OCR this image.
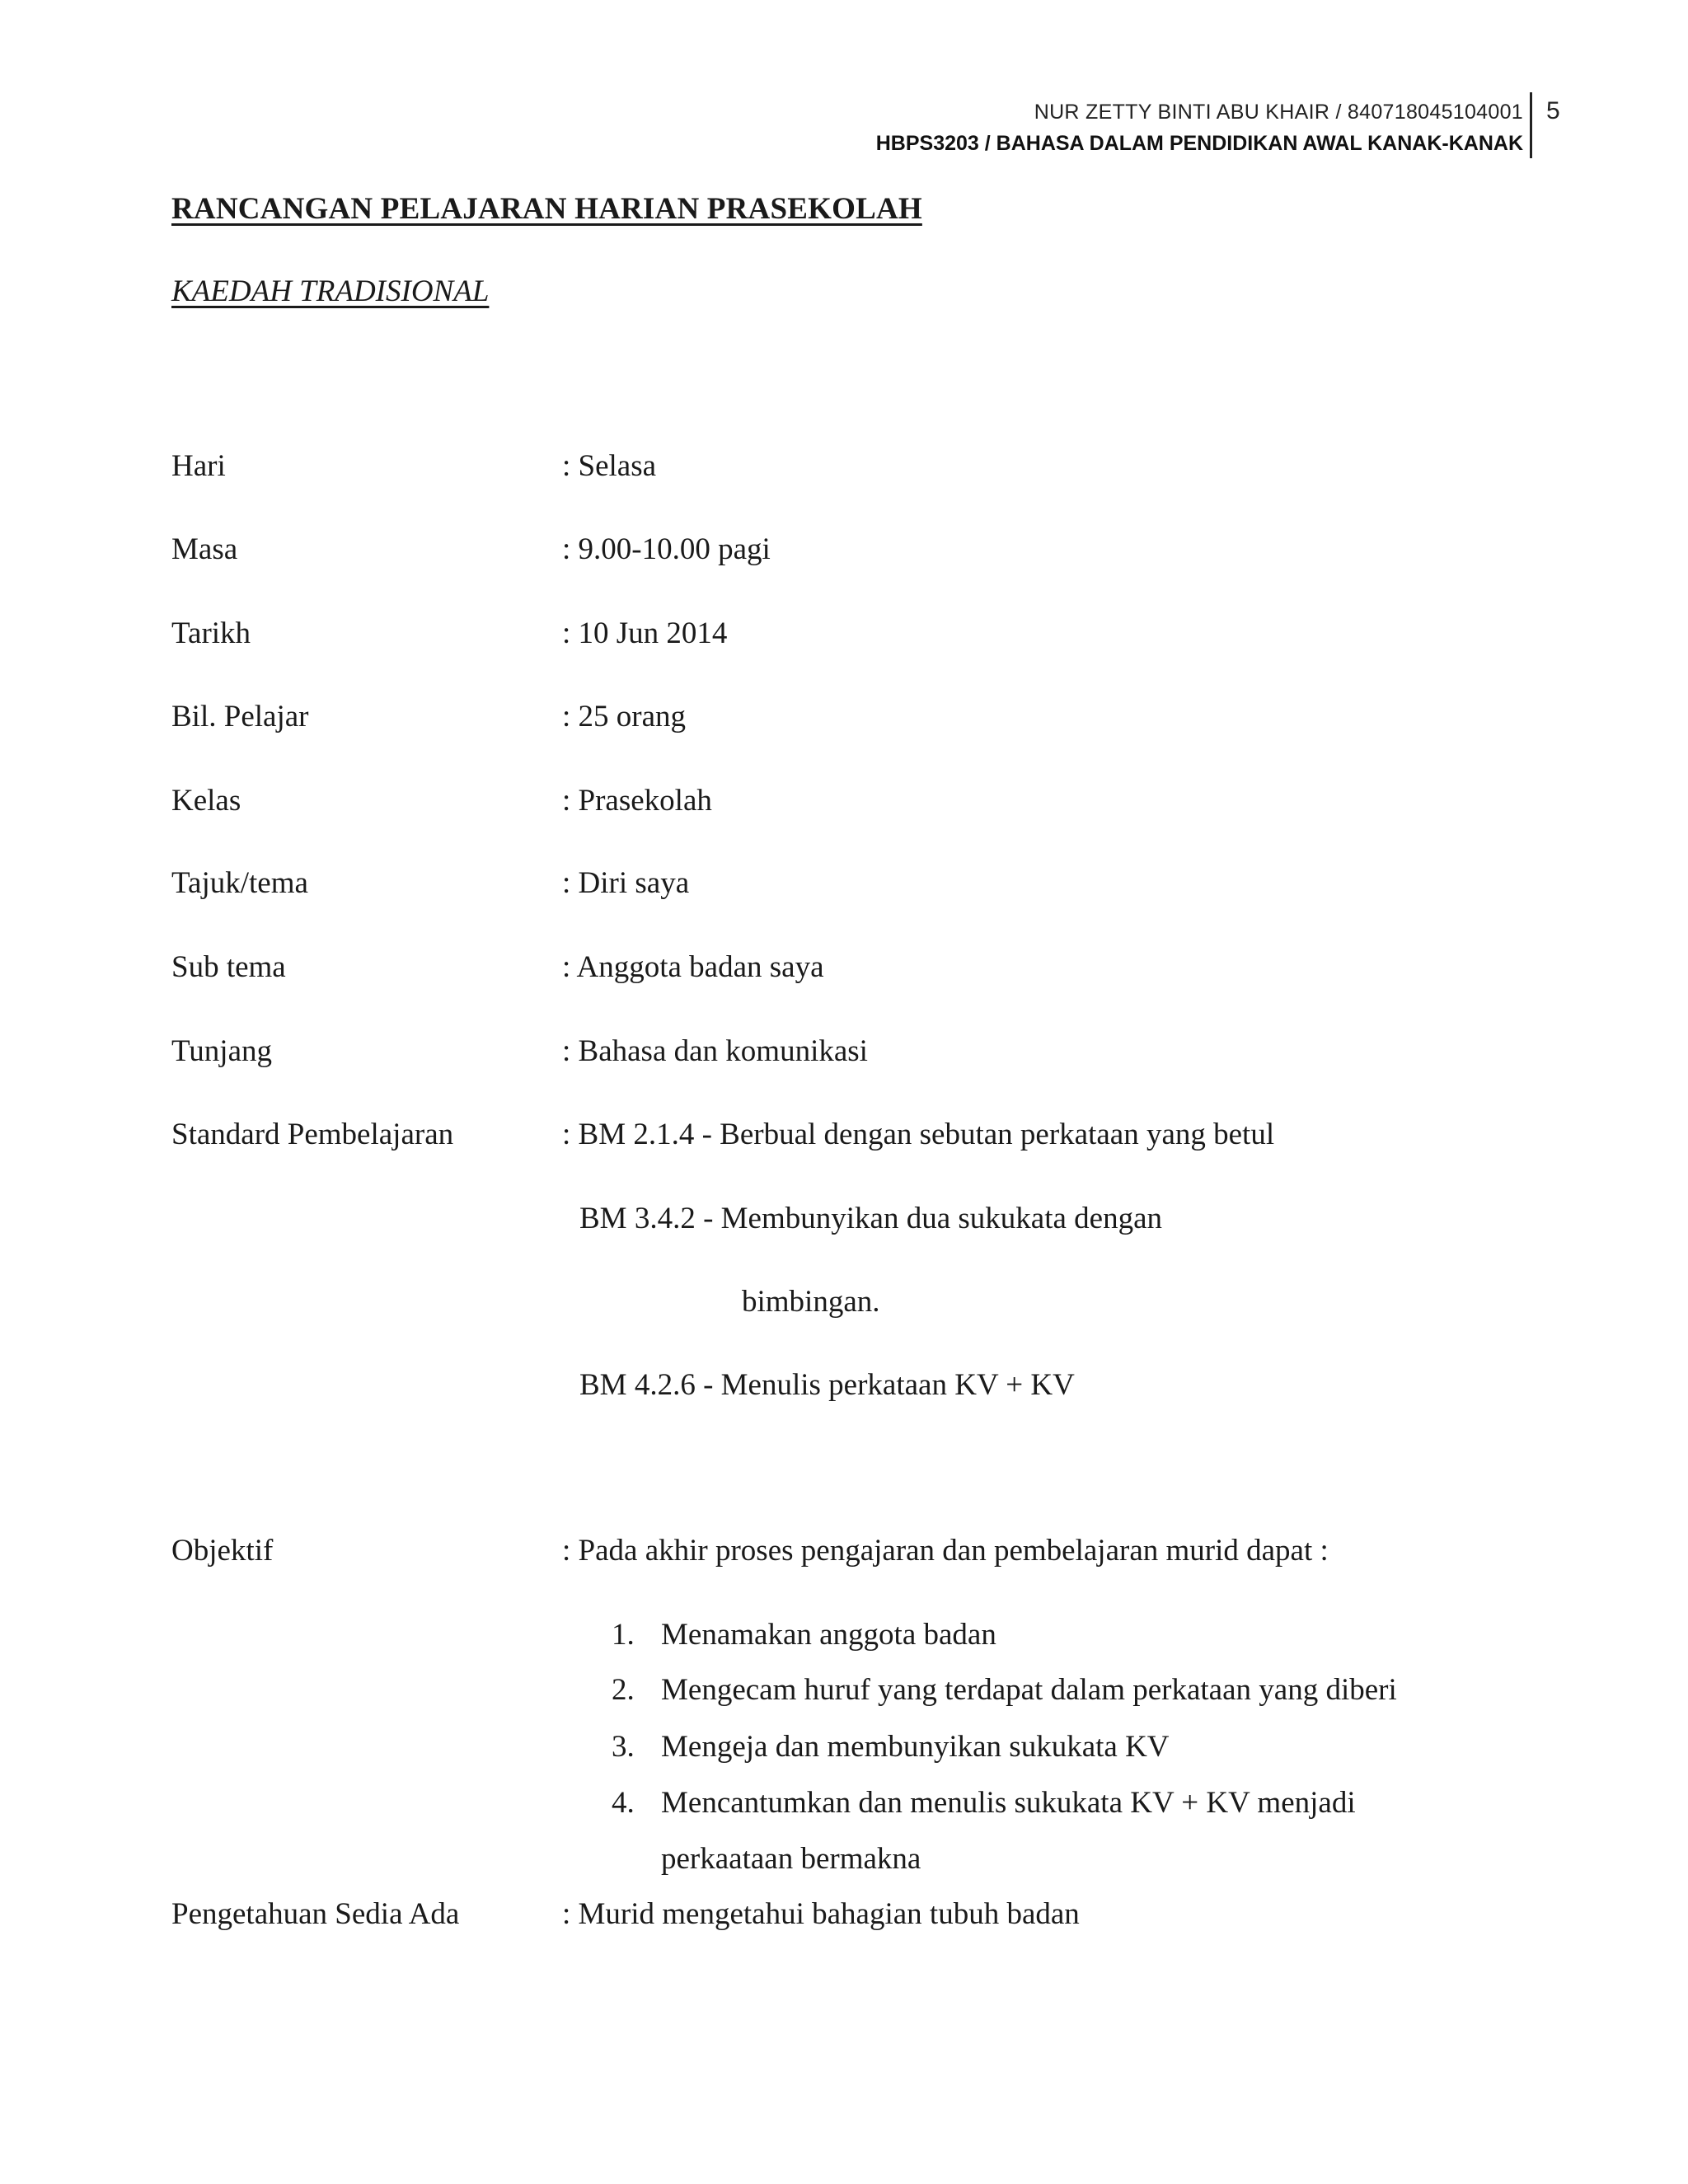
NUR ZETTY BINTI ABU KHAIR / 840718045104001
HBPS3203 / BAHASA DALAM PENDIDIKAN AWAL KANAK-KANAK
5
RANCANGAN PELAJARAN HARIAN PRASEKOLAH
KAEDAH TRADISIONAL
Hari	: Selasa
Masa	: 9.00-10.00 pagi
Tarikh	: 10 Jun 2014
Bil. Pelajar	: 25 orang
Kelas	: Prasekolah
Tajuk/tema	: Diri saya
Sub tema	: Anggota badan saya
Tunjang	: Bahasa dan komunikasi
Standard Pembelajaran	: BM 2.1.4 - Berbual dengan sebutan perkataan yang betul
BM 3.4.2 - Membunyikan dua sukukata dengan
bimbingan.
BM 4.2.6 - Menulis perkataan KV + KV
Objektif	: Pada akhir proses pengajaran dan pembelajaran murid dapat :
1. Menamakan anggota badan
2. Mengecam huruf yang terdapat dalam perkataan yang diberi
3. Mengeja dan membunyikan sukukata KV
4. Mencantumkan dan menulis sukukata KV + KV menjadi
perkaataan bermakna
Pengetahuan Sedia Ada	: Murid mengetahui bahagian tubuh badan
